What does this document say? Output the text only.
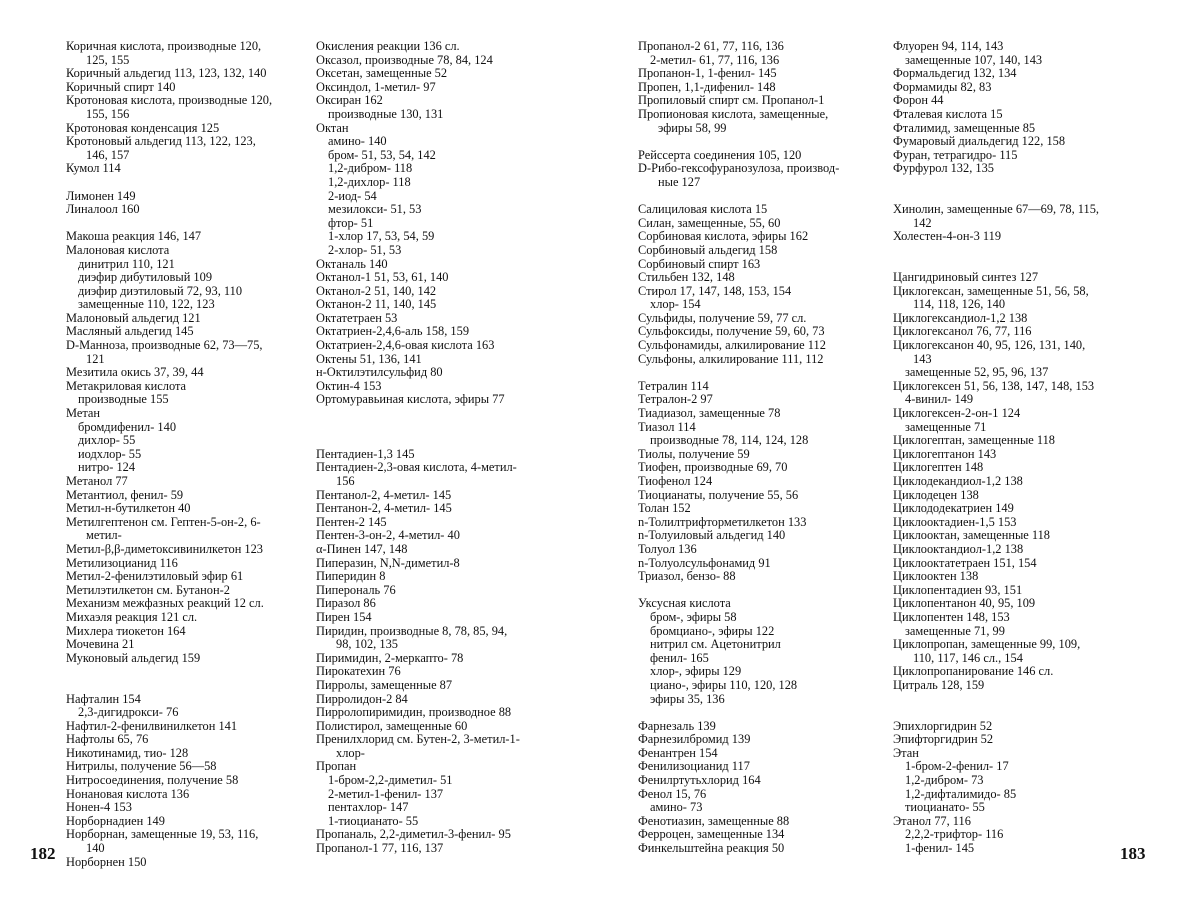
Коричная кислота, производные 120,
125, 155
Коричный альдегид 113, 123, 132, 140
Коричный спирт 140
Кротоновая кислота, производные 120,
155, 156
Кротоновая конденсация 125
Кротоновый альдегид 113, 122, 123,
146, 157
Кумол 114
Лимонен 149
Линалоол 160
Макоша реакция 146, 147
Малоновая кислота
динитрил 110, 121
диэфир дибутиловый 109
диэфир диэтиловый 72, 93, 110
замещенные 110, 122, 123
Малоновый альдегид 121
Масляный альдегид 145
D-Манноза, производные 62, 73—75,
121
Мезитила окись 37, 39, 44
Метакриловая кислота
производные 155
Метан
бромдифенил- 140
дихлор- 55
иодхлор- 55
нитро- 124
Метанол 77
Метантиол, фенил- 59
Метил-н-бутилкетон 40
Метилгептенон см. Гептен-5-он-2, 6-
метил-
Метил-β,β-диметоксивинилкетон 123
Метилизоцианид 116
Метил-2-фенилэтиловый эфир 61
Метилэтилкетон см. Бутанон-2
Механизм межфазных реакций 12 сл.
Михаэля реакция 121 сл.
Михлера тиокетон 164
Мочевина 21
Муконовый альдегид 159
Нафталин 154
2,3-дигидрокси- 76
Нафтил-2-фенилвинилкетон 141
Нафтолы 65, 76
Никотинамид, тио- 128
Нитрилы, получение 56—58
Нитросоединения, получение 58
Нонановая кислота 136
Нонен-4 153
Норборнадиен 149
Норборнан, замещенные 19, 53, 116,
140
Норборнен 150
Окисления реакции 136 сл.
Оксазол, производные 78, 84, 124
Оксетан, замещенные 52
Оксиндол, 1-метил- 97
Оксиран 162
производные 130, 131
Октан
амино- 140
бром- 51, 53, 54, 142
1,2-дибром- 118
1,2-дихлор- 118
2-иод- 54
мезилокси- 51, 53
фтор- 51
1-хлор 17, 53, 54, 59
2-хлор- 51, 53
Октаналь 140
Октанол-1 51, 53, 61, 140
Октанол-2 51, 140, 142
Октанон-2 11, 140, 145
Октатетраен 53
Октатриен-2,4,6-аль 158, 159
Октатриен-2,4,6-овая кислота 163
Октены 51, 136, 141
н-Октилэтилсульфид 80
Октин-4 153
Ортомуравьиная кислота, эфиры 77
Пентадиен-1,3 145
Пентадиен-2,3-овая кислота, 4-метил-
156
Пентанол-2, 4-метил- 145
Пентанон-2, 4-метил- 145
Пентен-2 145
Пентен-3-он-2, 4-метил- 40
α-Пинен 147, 148
Пиперазин, N,N-диметил-8
Пиперидин 8
Пиперональ 76
Пиразол 86
Пирен 154
Пиридин, производные 8, 78, 85, 94,
98, 102, 135
Пиримидин, 2-меркапто- 78
Пирокатехин 76
Пирролы, замещенные 87
Пирролидон-2 84
Пирролопиримидин, производное 88
Полистирол, замещенные 60
Пренилхлорид см. Бутен-2, 3-метил-1-
хлор-
Пропан
1-бром-2,2-диметил- 51
2-метил-1-фенил- 137
пентахлор- 147
1-тиоцианато- 55
Пропаналь, 2,2-диметил-3-фенил- 95
Пропанол-1 77, 116, 137
182
Пропанол-2 61, 77, 116, 136
2-метил- 61, 77, 116, 136
Пропанон-1, 1-фенил- 145
Пропен, 1,1-дифенил- 148
Пропиловый спирт см. Пропанол-1
Пропионовая кислота, замещенные,
эфиры 58, 99
Рейссерта соединения 105, 120
D-Рибо-гексофуранозулоза, производ-
ные 127
Салициловая кислота 15
Силан, замещенные, 55, 60
Сорбиновая кислота, эфиры 162
Сорбиновый альдегид 158
Сорбиновый спирт 163
Стильбен 132, 148
Стирол 17, 147, 148, 153, 154
хлор- 154
Сульфиды, получение 59, 77 сл.
Сульфоксиды, получение 59, 60, 73
Сульфонамиды, алкилирование 112
Сульфоны, алкилирование 111, 112
Тетралин 114
Тетралон-2 97
Тиадиазол, замещенные 78
Тиазол 114
производные 78, 114, 124, 128
Тиолы, получение 59
Тиофен, производные 69, 70
Тиофенол 124
Тиоцианаты, получение 55, 56
Толан 152
n-Толилтрифторметилкетон 133
n-Толуиловый альдегид 140
Толуол 136
n-Толуолсульфонамид 91
Триазол, бензо- 88
Уксусная кислота
бром-, эфиры 58
бромциано-, эфиры 122
нитрил см. Ацетонитрил
фенил- 165
хлор-, эфиры 129
циано-, эфиры 110, 120, 128
эфиры 35, 136
Фарнезаль 139
Фарнезилбромид 139
Фенантрен 154
Фенилизоцианид 117
Фенилртутьхлорид 164
Фенол 15, 76
амино- 73
Фенотиазин, замещенные 88
Ферроцен, замещенные 134
Финкельштейна реакция 50
Флуорен 94, 114, 143
замещенные 107, 140, 143
Формальдегид 132, 134
Формамиды 82, 83
Форон 44
Фталевая кислота 15
Фталимид, замещенные 85
Фумаровый диальдегид 122, 158
Фуран, тетрагидро- 115
Фурфурол 132, 135
Хинолин, замещенные 67—69, 78, 115,
142
Холестен-4-он-3 119
Цангидриновый синтез 127
Циклогексан, замещенные 51, 56, 58,
114, 118, 126, 140
Циклогександиол-1,2 138
Циклогексанол 76, 77, 116
Циклогексанон 40, 95, 126, 131, 140,
143
замещенные 52, 95, 96, 137
Циклогексен 51, 56, 138, 147, 148, 153
4-винил- 149
Циклогексен-2-он-1 124
замещенные 71
Циклогептан, замещенные 118
Циклогептанон 143
Циклогептен 148
Циклодекандиол-1,2 138
Циклодецен 138
Циклододекатриен 149
Циклооктадиен-1,5 153
Циклооктан, замещенные 118
Циклооктандиол-1,2 138
Циклооктатетраен 151, 154
Циклооктен 138
Циклопентадиен 93, 151
Циклопентанон 40, 95, 109
Циклопентен 148, 153
замещенные 71, 99
Циклопропан, замещенные 99, 109,
110, 117, 146 сл., 154
Циклопропанирование 146 сл.
Цитраль 128, 159
Эпихлоргидрин 52
Эпифторгидрин 52
Этан
1-бром-2-фенил- 17
1,2-дибром- 73
1,2-дифталимидо- 85
тиоцианато- 55
Этанол 77, 116
2,2,2-трифтор- 116
1-фенил- 145	183
